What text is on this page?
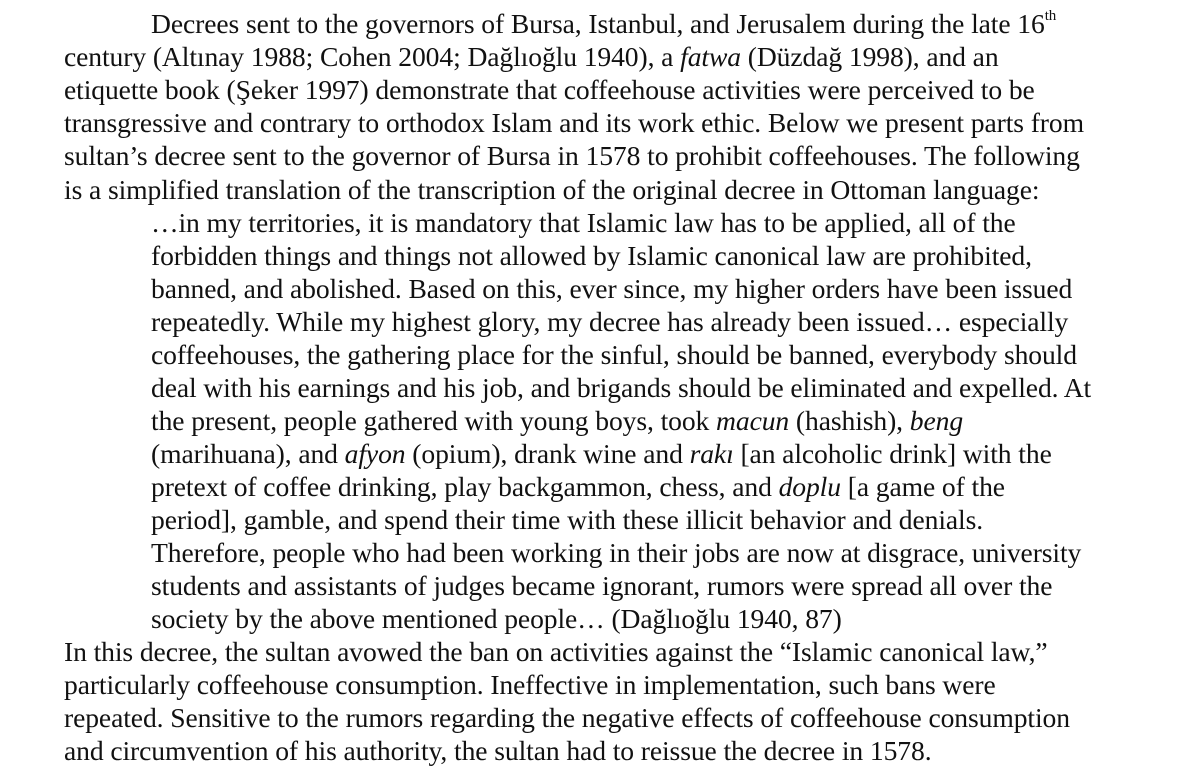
Decrees sent to the governors of Bursa, Istanbul, and Jerusalem during the late 16th
century (Altınay 1988; Cohen 2004; Dağlıoğlu 1940), a fatwa (Düzdağ 1998), and an
etiquette book (Şeker 1997) demonstrate that coffeehouse activities were perceived to be
transgressive and contrary to orthodox Islam and its work ethic. Below we present parts from
sultan’s decree sent to the governor of Bursa in 1578 to prohibit coffeehouses. The following
is a simplified translation of the transcription of the original decree in Ottoman language:
…in my territories, it is mandatory that Islamic law has to be applied, all of the
forbidden things and things not allowed by Islamic canonical law are prohibited,
banned, and abolished. Based on this, ever since, my higher orders have been issued
repeatedly. While my highest glory, my decree has already been issued… especially
coffeehouses, the gathering place for the sinful, should be banned, everybody should
deal with his earnings and his job, and brigands should be eliminated and expelled. At
the present, people gathered with young boys, took macun (hashish), beng
(marihuana), and afyon (opium), drank wine and rakı [an alcoholic drink] with the
pretext of coffee drinking, play backgammon, chess, and doplu [a game of the
period], gamble, and spend their time with these illicit behavior and denials.
Therefore, people who had been working in their jobs are now at disgrace, university
students and assistants of judges became ignorant, rumors were spread all over the
society by the above mentioned people… (Dağlıoğlu 1940, 87)
In this decree, the sultan avowed the ban on activities against the “Islamic canonical law,”
particularly coffeehouse consumption. Ineffective in implementation, such bans were
repeated. Sensitive to the rumors regarding the negative effects of coffeehouse consumption
and circumvention of his authority, the sultan had to reissue the decree in 1578.
